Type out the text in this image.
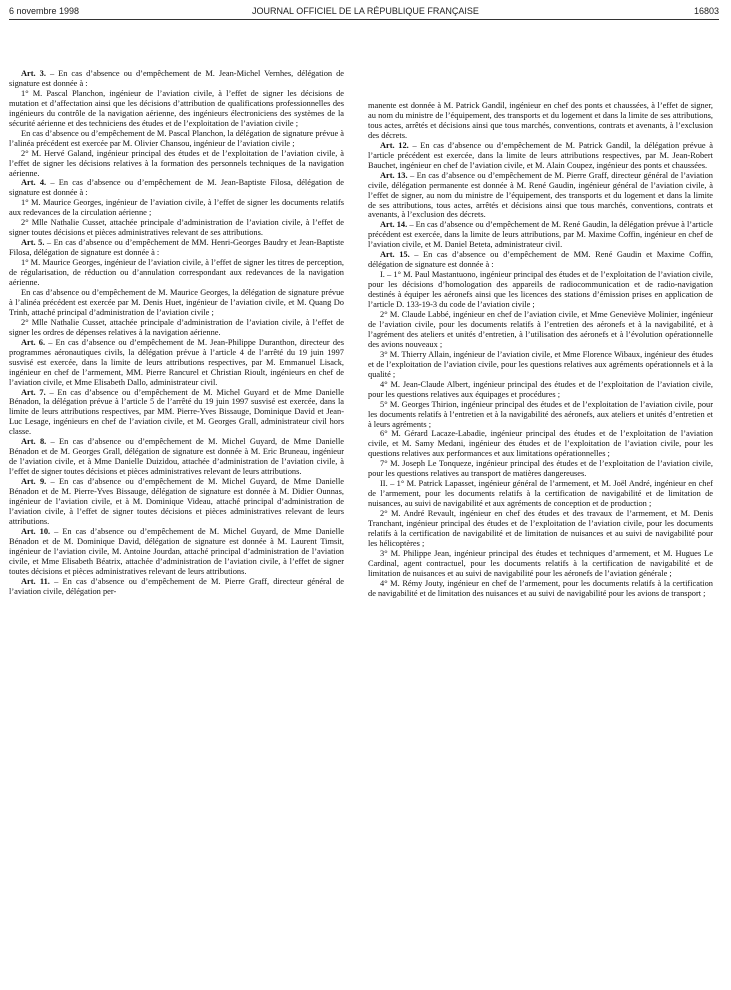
6 novembre 1998	JOURNAL OFFICIEL DE LA RÉPUBLIQUE FRANÇAISE	16803

Art. 3. – En cas d’absence ou d’empêchement de M. Jean-Michel Vernhes, délégation de signature est donnée à :

1° M. Pascal Planchon, ingénieur de l’aviation civile, à l’effet de signer les décisions de mutation et d’affectation ainsi que les décisions d’attribution de qualifications professionnelles des ingénieurs du contrôle de la navigation aérienne, des ingénieurs électroniciens des systèmes de la sécurité aérienne et des techniciens des études et de l’exploitation de l’aviation civile ;

En cas d’absence ou d’empêchement de M. Pascal Planchon, la délégation de signature prévue à l’alinéa précédent est exercée par M. Olivier Chansou, ingénieur de l’aviation civile ;

2° M. Hervé Galand, ingénieur principal des études et de l’exploitation de l’aviation civile, à l’effet de signer les décisions relatives à la formation des personnels techniques de la navigation aérienne.

Art. 4. – En cas d’absence ou d’empêchement de M. Jean-Baptiste Filosa, délégation de signature est donnée à :

1° M. Maurice Georges, ingénieur de l’aviation civile, à l’effet de signer les documents relatifs aux redevances de la circulation aérienne ;

2° Mlle Nathalie Cusset, attachée principale d’administration de l’aviation civile, à l’effet de signer toutes décisions et pièces administratives relevant de ses attributions.

Art. 5. – En cas d’absence ou d’empêchement de MM. Henri-Georges Baudry et Jean-Baptiste Filosa, délégation de signature est donnée à :

1° M. Maurice Georges, ingénieur de l’aviation civile, à l’effet de signer les titres de perception, de régularisation, de réduction ou d’annulation correspondant aux redevances de la navigation aérienne.

En cas d’absence ou d’empêchement de M. Maurice Georges, la délégation de signature prévue à l’alinéa précédent est exercée par M. Denis Huet, ingénieur de l’aviation civile, et M. Quang Do Trinh, attaché principal d’administration de l’aviation civile ;

2° Mlle Nathalie Cusset, attachée principale d’administration de l’aviation civile, à l’effet de signer les ordres de dépenses relatives à la navigation aérienne.

Art. 6. – En cas d’absence ou d’empêchement de M. Jean-Philippe Duranthon, directeur des programmes aéronautiques civils, la délégation prévue à l’article 4 de l’arrêté du 19 juin 1997 susvisé est exercée, dans la limite de leurs attributions respectives, par M. Emmanuel Lisack, ingénieur en chef de l’armement, MM. Pierre Rancurel et Christian Rioult, ingénieurs en chef de l’aviation civile, et Mme Elisabeth Dallo, administrateur civil.

Art. 7. – En cas d’absence ou d’empêchement de M. Michel Guyard et de Mme Danielle Bénadon, la délégation prévue à l’article 5 de l’arrêté du 19 juin 1997 susvisé est exercée, dans la limite de leurs attributions respectives, par MM. Pierre-Yves Bissauge, Dominique David et Jean-Luc Lesage, ingénieurs en chef de l’aviation civile, et M. Georges Grall, administrateur civil hors classe.

Art. 8. – En cas d’absence ou d’empêchement de M. Michel Guyard, de Mme Danielle Bénadon et de M. Georges Grall, délégation de signature est donnée à M. Eric Bruneau, ingénieur de l’aviation civile, et à Mme Danielle Duizidou, attachée d’administration de l’aviation civile, à l’effet de signer toutes décisions et pièces administratives relevant de leurs attributions.

Art. 9. – En cas d’absence ou d’empêchement de M. Michel Guyard, de Mme Danielle Bénadon et de M. Pierre-Yves Bissauge, délégation de signature est donnée à M. Didier Ounnas, ingénieur de l’aviation civile, et à M. Dominique Videau, attaché principal d’administration de l’aviation civile, à l’effet de signer toutes décisions et pièces administratives relevant de leurs attributions.

Art. 10. – En cas d’absence ou d’empêchement de M. Michel Guyard, de Mme Danielle Bénadon et de M. Dominique David, délégation de signature est donnée à M. Laurent Timsit, ingénieur de l’aviation civile, M. Antoine Jourdan, attaché principal d’administration de l’aviation civile, et Mme Elisabeth Béatrix, attachée d’administration de l’aviation civile, à l’effet de signer toutes décisions et pièces administratives relevant de leurs attributions.

Art. 11. – En cas d’absence ou d’empêchement de M. Pierre Graff, directeur général de l’aviation civile, délégation per-

manente est donnée à M. Patrick Gandil, ingénieur en chef des ponts et chaussées, à l’effet de signer, au nom du ministre de l’équipement, des transports et du logement et dans la limite de ses attributions, tous actes, arrêtés et décisions ainsi que tous marchés, conventions, contrats et avenants, à l’exclusion des décrets.

Art. 12. – En cas d’absence ou d’empêchement de M. Patrick Gandil, la délégation prévue à l’article précédent est exercée, dans la limite de leurs attributions respectives, par M. Jean-Robert Bauchet, ingénieur en chef de l’aviation civile, et M. Alain Coupez, ingénieur des ponts et chaussées.

Art. 13. – En cas d’absence ou d’empêchement de M. Pierre Graff, directeur général de l’aviation civile, délégation permanente est donnée à M. René Gaudin, ingénieur général de l’aviation civile, à l’effet de signer, au nom du ministre de l’équipement, des transports et du logement et dans la limite de ses attributions, tous actes, arrêtés et décisions ainsi que tous marchés, conventions, contrats et avenants, à l’exclusion des décrets.

Art. 14. – En cas d’absence ou d’empêchement de M. René Gaudin, la délégation prévue à l’article précédent est exercée, dans la limite de leurs attributions, par M. Maxime Coffin, ingénieur en chef de l’aviation civile, et M. Daniel Beteta, administrateur civil.

Art. 15. – En cas d’absence ou d’empêchement de MM. René Gaudin et Maxime Coffin, délégation de signature est donnée à :

I. – 1° M. Paul Mastantuono, ingénieur principal des études et de l’exploitation de l’aviation civile, pour les décisions d’homologation des appareils de radiocommunication et de radio-navigation destinés à équiper les aéronefs ainsi que les licences des stations d’émission prises en application de l’article D. 133-19-3 du code de l’aviation civile ;

2° M. Claude Labbé, ingénieur en chef de l’aviation civile, et Mme Geneviève Molinier, ingénieur de l’aviation civile, pour les documents relatifs à l’entretien des aéronefs et à la navigabilité, et à l’agrément des ateliers et unités d’entretien, à l’utilisation des aéronefs et à l’évolution opérationnelle des avions nouveaux ;

3° M. Thierry Allain, ingénieur de l’aviation civile, et Mme Florence Wibaux, ingénieur des études et de l’exploitation de l’aviation civile, pour les questions relatives aux agréments opérationnels et à la qualité ;

4° M. Jean-Claude Albert, ingénieur principal des études et de l’exploitation de l’aviation civile, pour les questions relatives aux équipages et procédures ;

5° M. Georges Thirion, ingénieur principal des études et de l’exploitation de l’aviation civile, pour les documents relatifs à l’entretien et à la navigabilité des aéronefs, aux ateliers et unités d’entretien et à leurs agréments ;

6° M. Gérard Lacaze-Labadie, ingénieur principal des études et de l’exploitation de l’aviation civile, et M. Samy Medani, ingénieur des études et de l’exploitation de l’aviation civile, pour les questions relatives aux performances et aux limitations opérationnelles ;

7° M. Joseph Le Tonqueze, ingénieur principal des études et de l’exploitation de l’aviation civile, pour les questions relatives au transport de matières dangereuses.

II. – 1° M. Patrick Lapasset, ingénieur général de l’armement, et M. Joël André, ingénieur en chef de l’armement, pour les documents relatifs à la certification de navigabilité et de limitation de nuisances, au suivi de navigabilité et aux agréments de conception et de production ;

2° M. André Revault, ingénieur en chef des études et des travaux de l’armement, et M. Denis Tranchant, ingénieur principal des études et de l’exploitation de l’aviation civile, pour les documents relatifs à la certification de navigabilité et de limitation de nuisances et au suivi de navigabilité pour les hélicoptères ;

3° M. Philippe Jean, ingénieur principal des études et techniques d’armement, et M. Hugues Le Cardinal, agent contractuel, pour les documents relatifs à la certification de navigabilité et de limitation de nuisances et au suivi de navigabilité pour les aéronefs de l’aviation générale ;

4° M. Rémy Jouty, ingénieur en chef de l’armement, pour les documents relatifs à la certification de navigabilité et de limitation des nuisances et au suivi de navigabilité pour les avions de transport ;
